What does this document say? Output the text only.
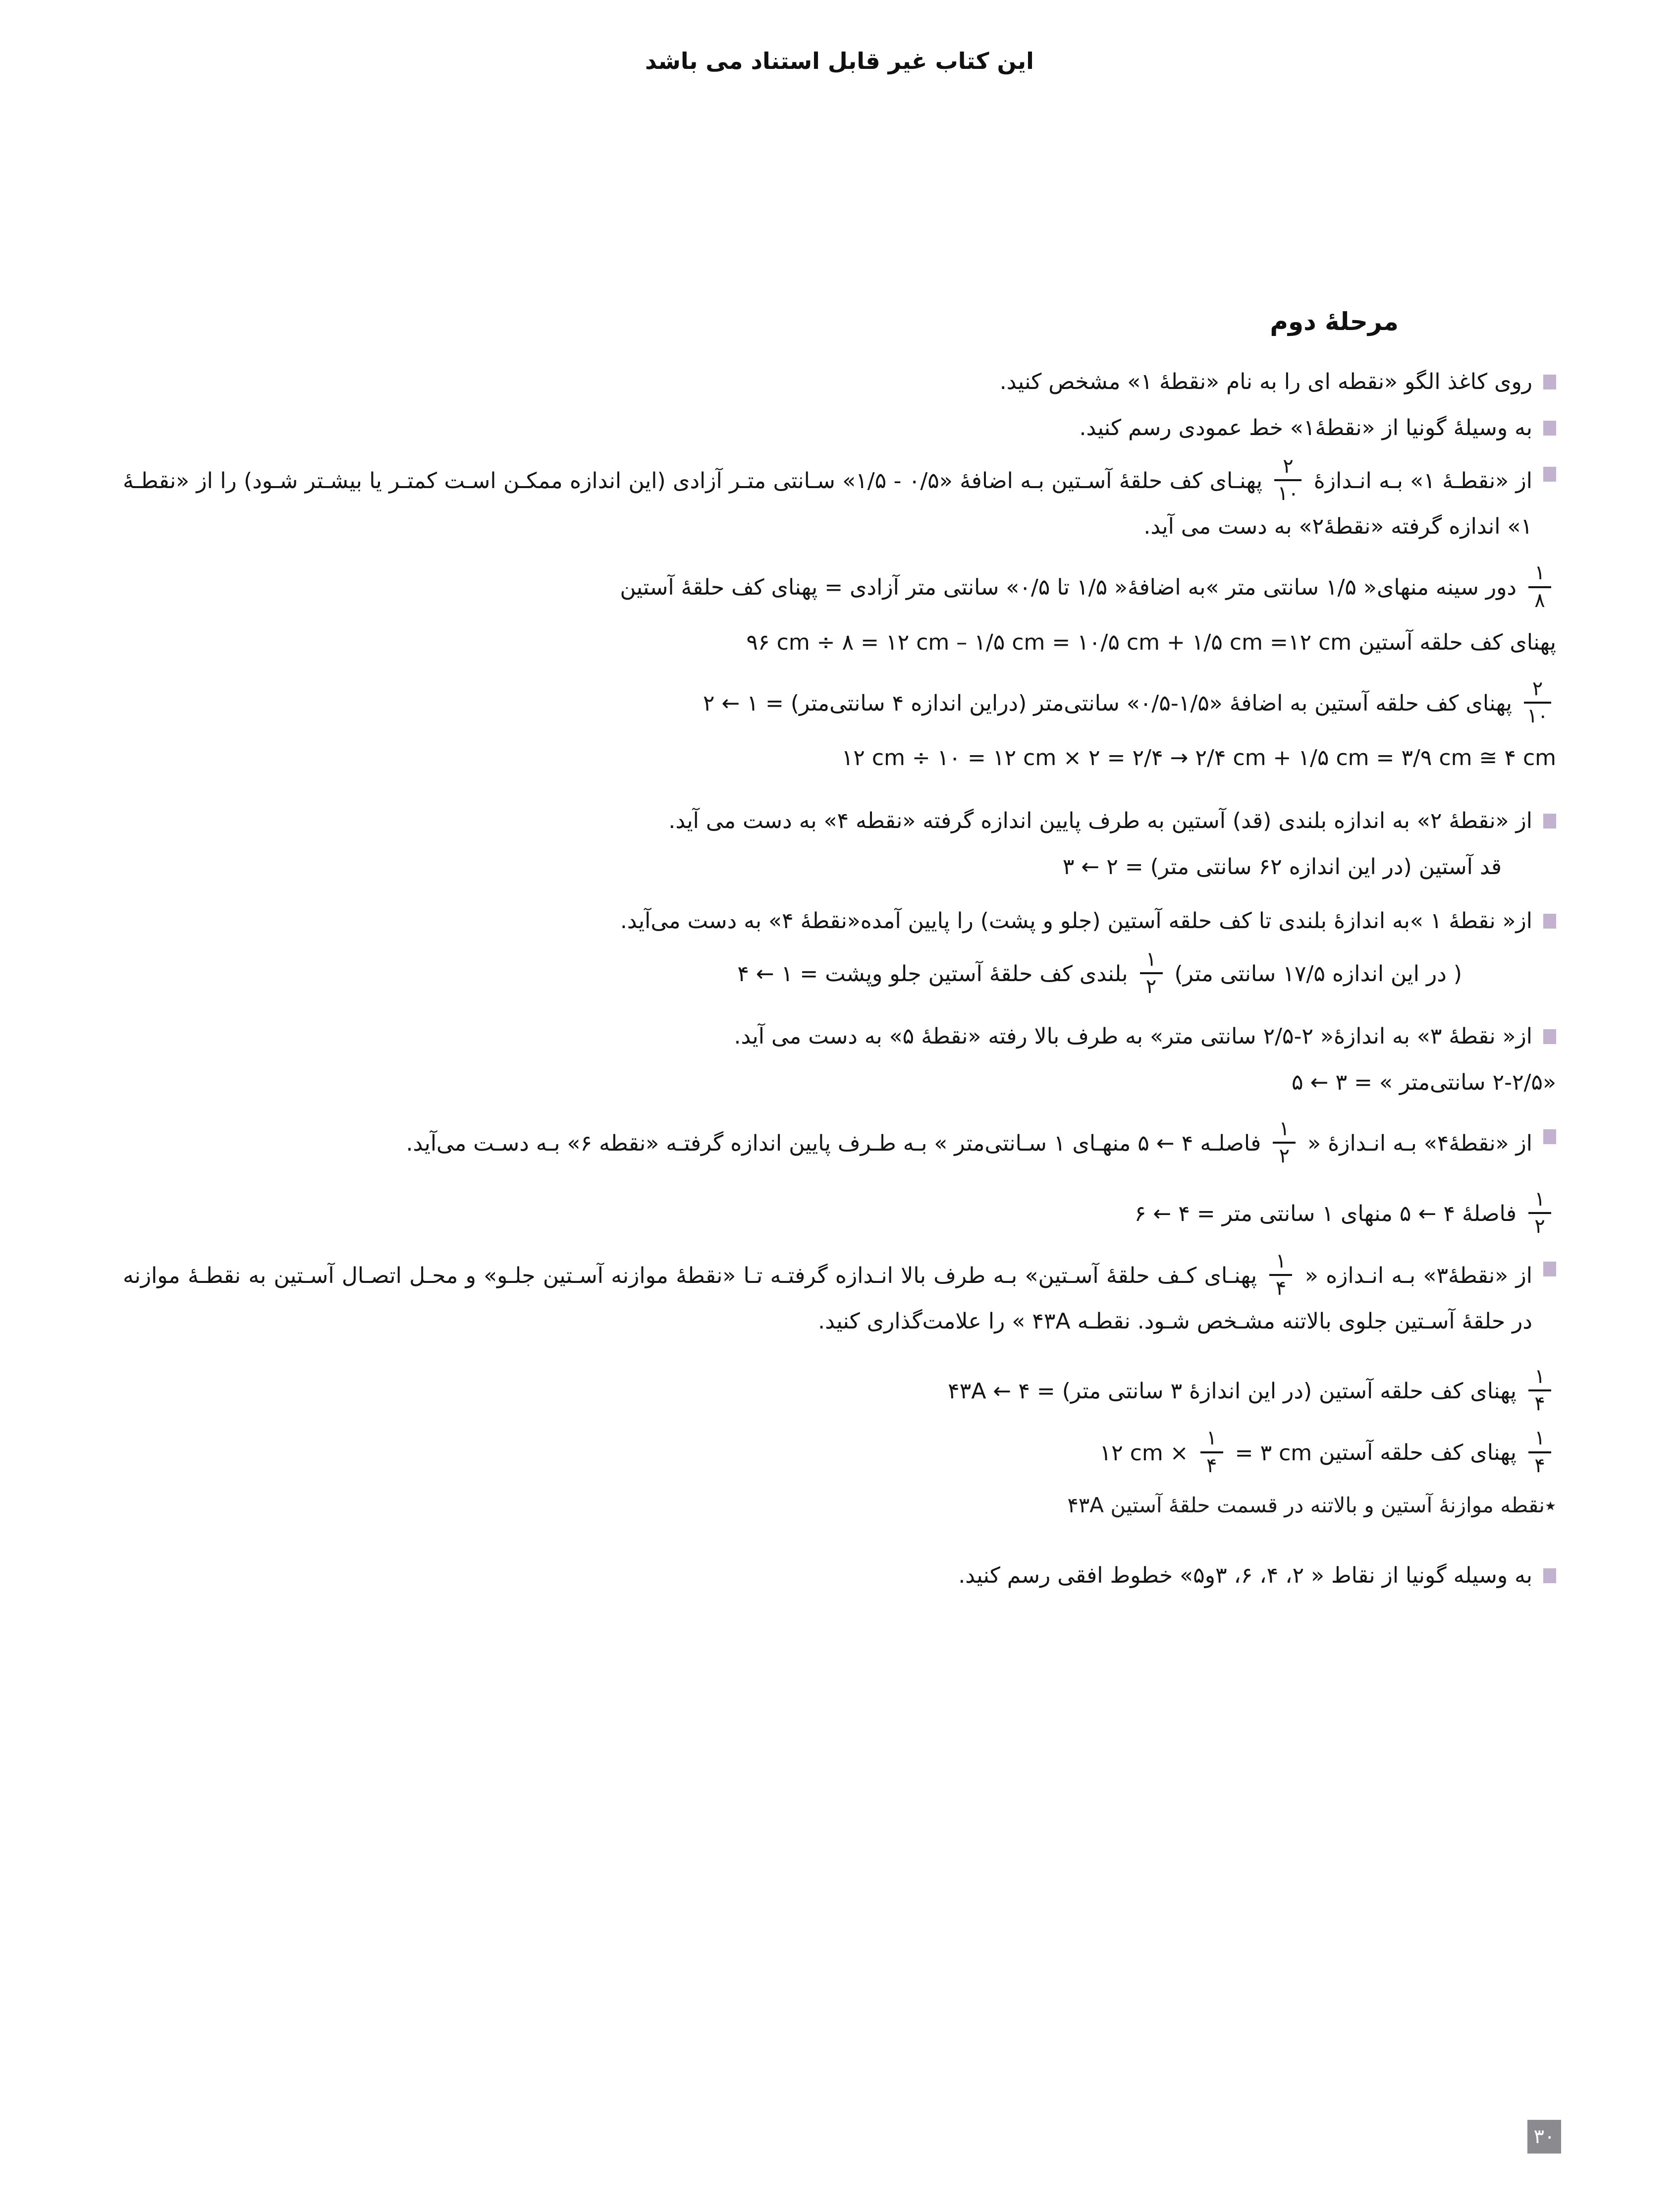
این کتاب غیر قابل استناد می باشد
مرحلهٔ دوم
روی کاغذ الگو «نقطه ای را به نام «نقطهٔ ۱» مشخص کنید.
به وسیلهٔ گونیا از «نقطهٔ۱» خط عمودی رسم کنید.
از «نقطـهٔ ۱» بـه انـدازهٔ
$\frac{۲}{۱۰}$
پهنـای کف حلقهٔ آسـتین بـه اضافهٔ «۰/۵ - ۱/۵» سـانتی متـر آزادی (این اندازه ممکـن اسـت کمتـر یا بیشـتر شـود) را از «نقطـهٔ ۱» اندازه گرفته «نقطهٔ۲» به دست می آید.
$\frac{۱}{۸}$
دور سینه منهای« ۱/۵ سانتی متر »به اضافهٔ« ۱/۵ تا ۰/۵» سانتی متر آزادی = پهنای کف حلقهٔ آستین
پهنای کف حلقه آستین ۹۶ cm ÷ ۸ = ۱۲ cm – ۱/۵ cm = ۱۰/۵ cm + ۱/۵ cm =۱۲ cm
$\frac{۲}{۱۰}$
پهنای کف حلقه آستین به اضافهٔ «۱/۵-۰/۵» سانتی‌متر (دراین اندازه ۴ سانتی‌متر) = ۱ ← ۲
۱۲ cm ÷ ۱۰ = ۱۲ cm × ۲ = ۲/۴ → ۲/۴ cm + ۱/۵ cm = ۳/۹ cm ≅ ۴ cm
از «نقطهٔ ۲» به اندازه بلندی (قد) آستین به طرف پایین اندازه گرفته «نقطه ۴» به دست می آید.
قد آستین (در این اندازه ۶۲ سانتی متر) = ۲ ← ۳
از« نقطهٔ ۱ »به اندازهٔ بلندی تا کف حلقه آستین (جلو و پشت) را پایین آمده«نقطهٔ ۴» به دست می‌آید.
( در این اندازه ۱۷/۵ سانتی متر)
$\frac{۱}{۲}$
بلندی کف حلقهٔ آستین جلو وپشت = ۱ ← ۴
از« نقطهٔ ۳» به اندازهٔ« ۲-۲/۵ سانتی متر» به طرف بالا رفته «نقطهٔ ۵» به دست می آید.
«۲-۲/۵ سانتی‌متر » = ۳ ← ۵
از «نقطهٔ۴» بـه انـدازهٔ «
$\frac{۱}{۲}$
فاصلـه ۴ ← ۵ منهـای ۱ سـانتی‌متر » بـه طـرف پایین اندازه گرفتـه «نقطه ۶» بـه دسـت می‌آید.
$\frac{۱}{۲}$
فاصلهٔ ۴ ← ۵ منهای ۱ سانتی متر = ۴ ← ۶
از «نقطهٔ۳» بـه انـدازه «
$\frac{۱}{۴}$
پهنـای کـف حلقهٔ آسـتین» بـه طرف بالا انـدازه گرفتـه تـا «نقطهٔ موازنه آسـتین جلـو» و محـل اتصـال آسـتین به نقطـهٔ موازنه در حلقهٔ آسـتین جلوی بالاتنه مشـخص شـود. نقطـه ۴۳A » را علامت‌گذاری کنید.
$\frac{۱}{۴}$
پهنای کف حلقه آستین (در این اندازهٔ ۳ سانتی متر) = ۴ ← ۴۳A
$\frac{۱}{۴}$
پهنای کف حلقه آستین = ۳ cm
$\frac{۱}{۴}$
۱۲ cm ×
٭نقطه موازنهٔ آستین و بالاتنه در قسمت حلقهٔ آستین ۴۳A
به وسیله گونیا از نقاط « ۲، ۴، ۶، ۳و۵» خطوط افقی رسم کنید.
۳۰
